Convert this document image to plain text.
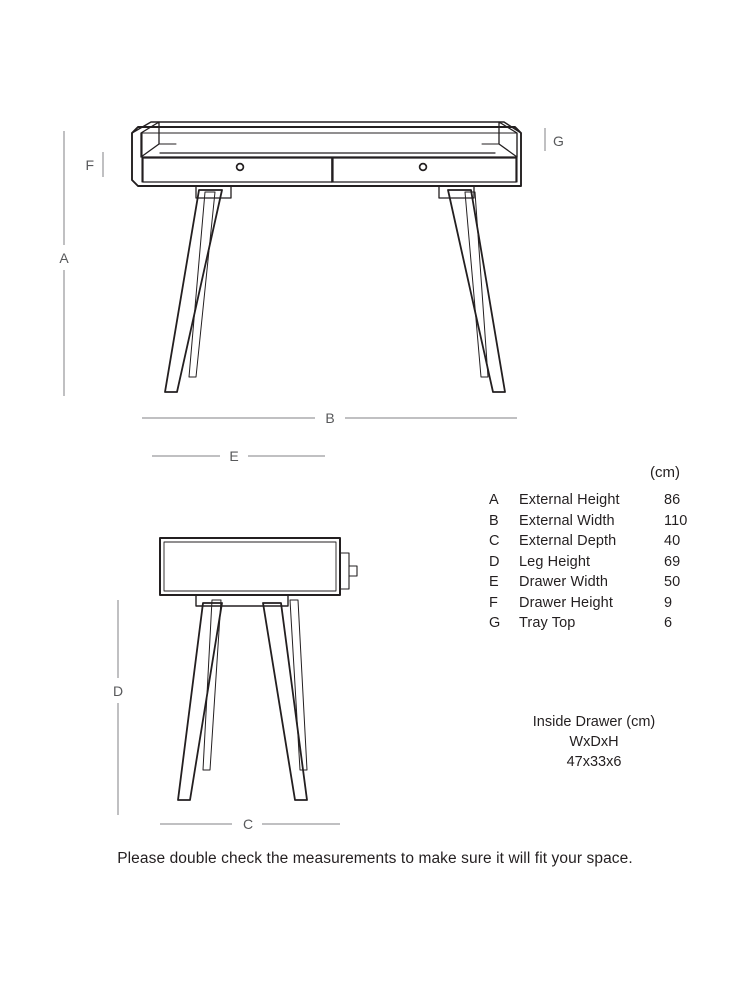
A
F
G
B
E
D
C
(cm)
A	External Height	86
B	External Width	110
C	External Depth	40
D	Leg Height	69
E	Drawer Width	50
F	Drawer Height	9
G	Tray Top	6
Inside Drawer (cm)
WxDxH
47x33x6
Please double check the measurements to make sure it will fit your space.
